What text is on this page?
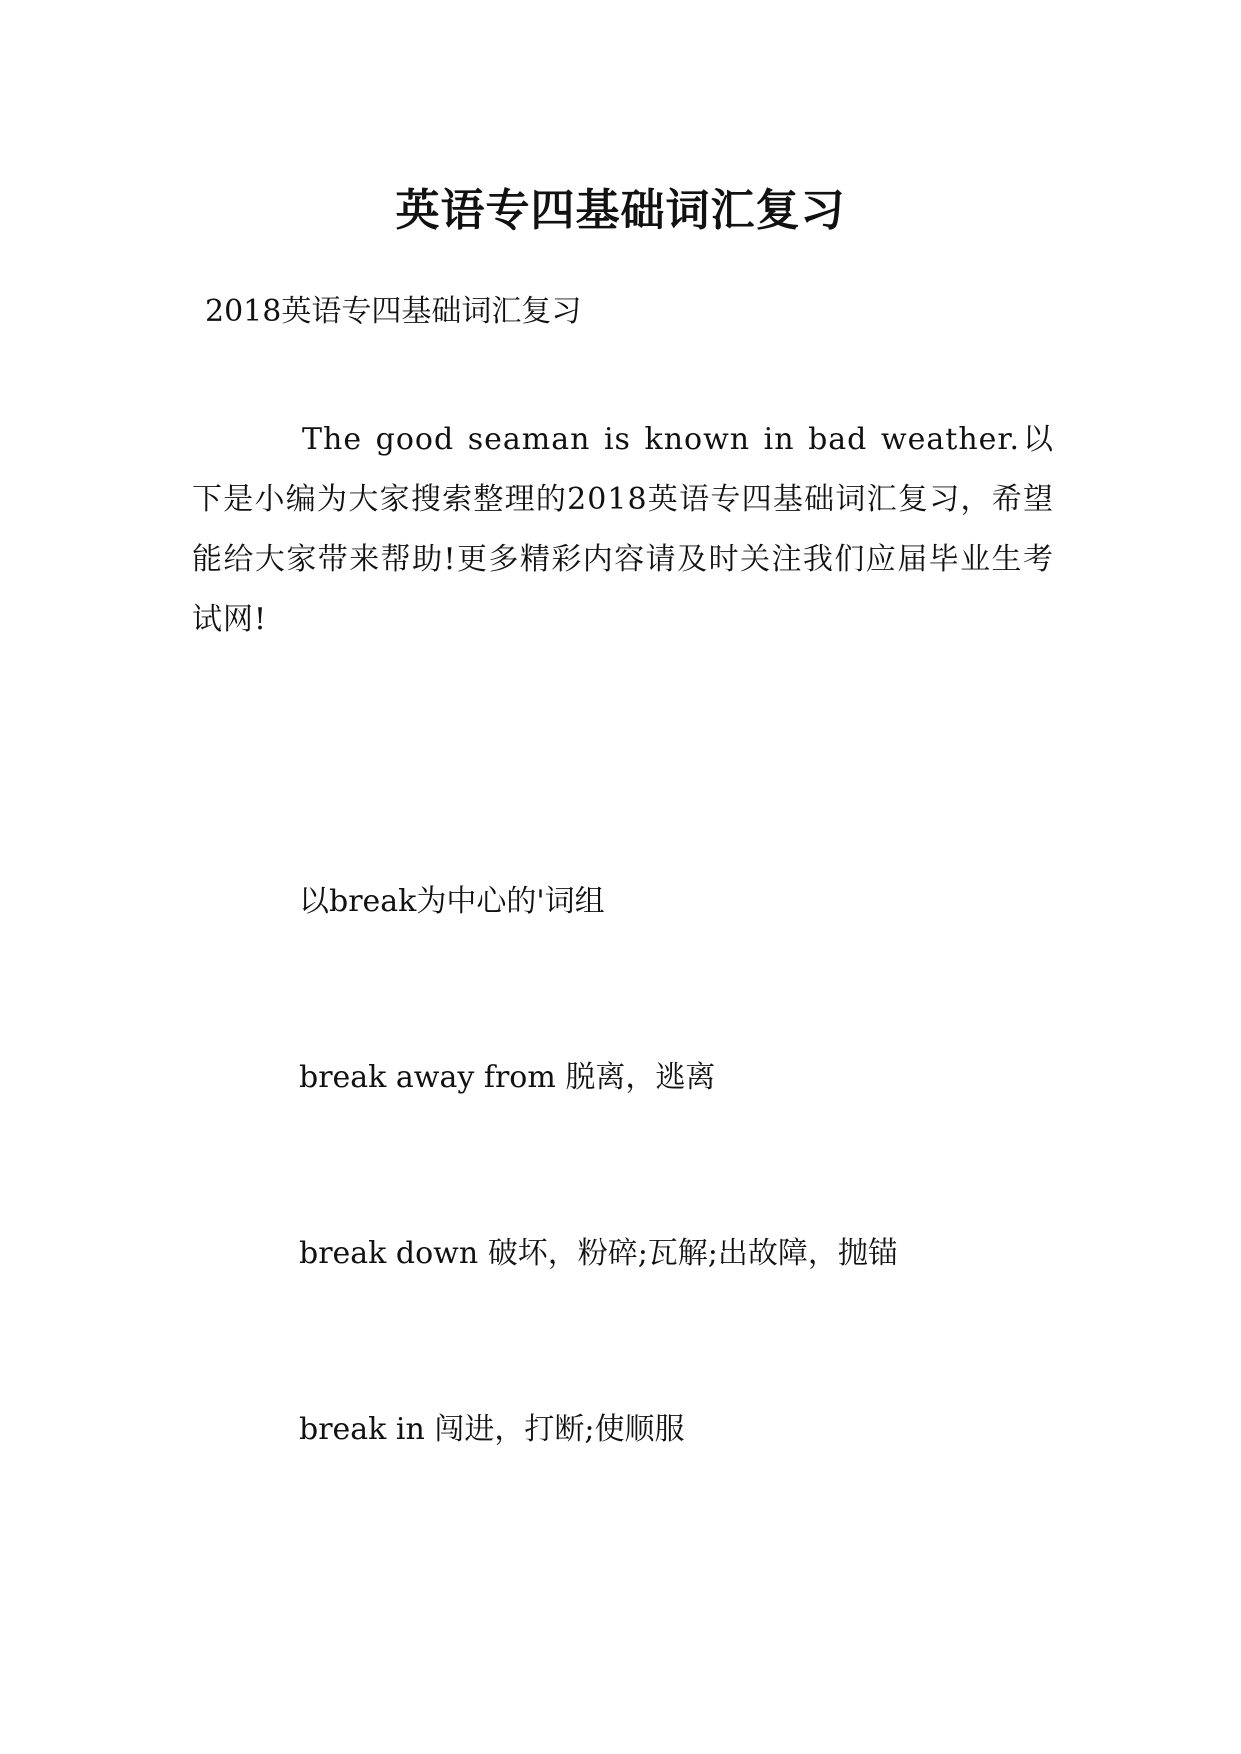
英语专四基础词汇复习
2018英语专四基础词汇复习

The good seaman is known in bad weather.以下是小编为大家搜索整理的2018英语专四基础词汇复习，希望能给大家带来帮助!更多精彩内容请及时关注我们应届毕业生考试网!

以break为中心的'词组

break away from 脱离，逃离

break down 破坏，粉碎;瓦解;出故障，抛锚

break in 闯进，打断;使顺服
